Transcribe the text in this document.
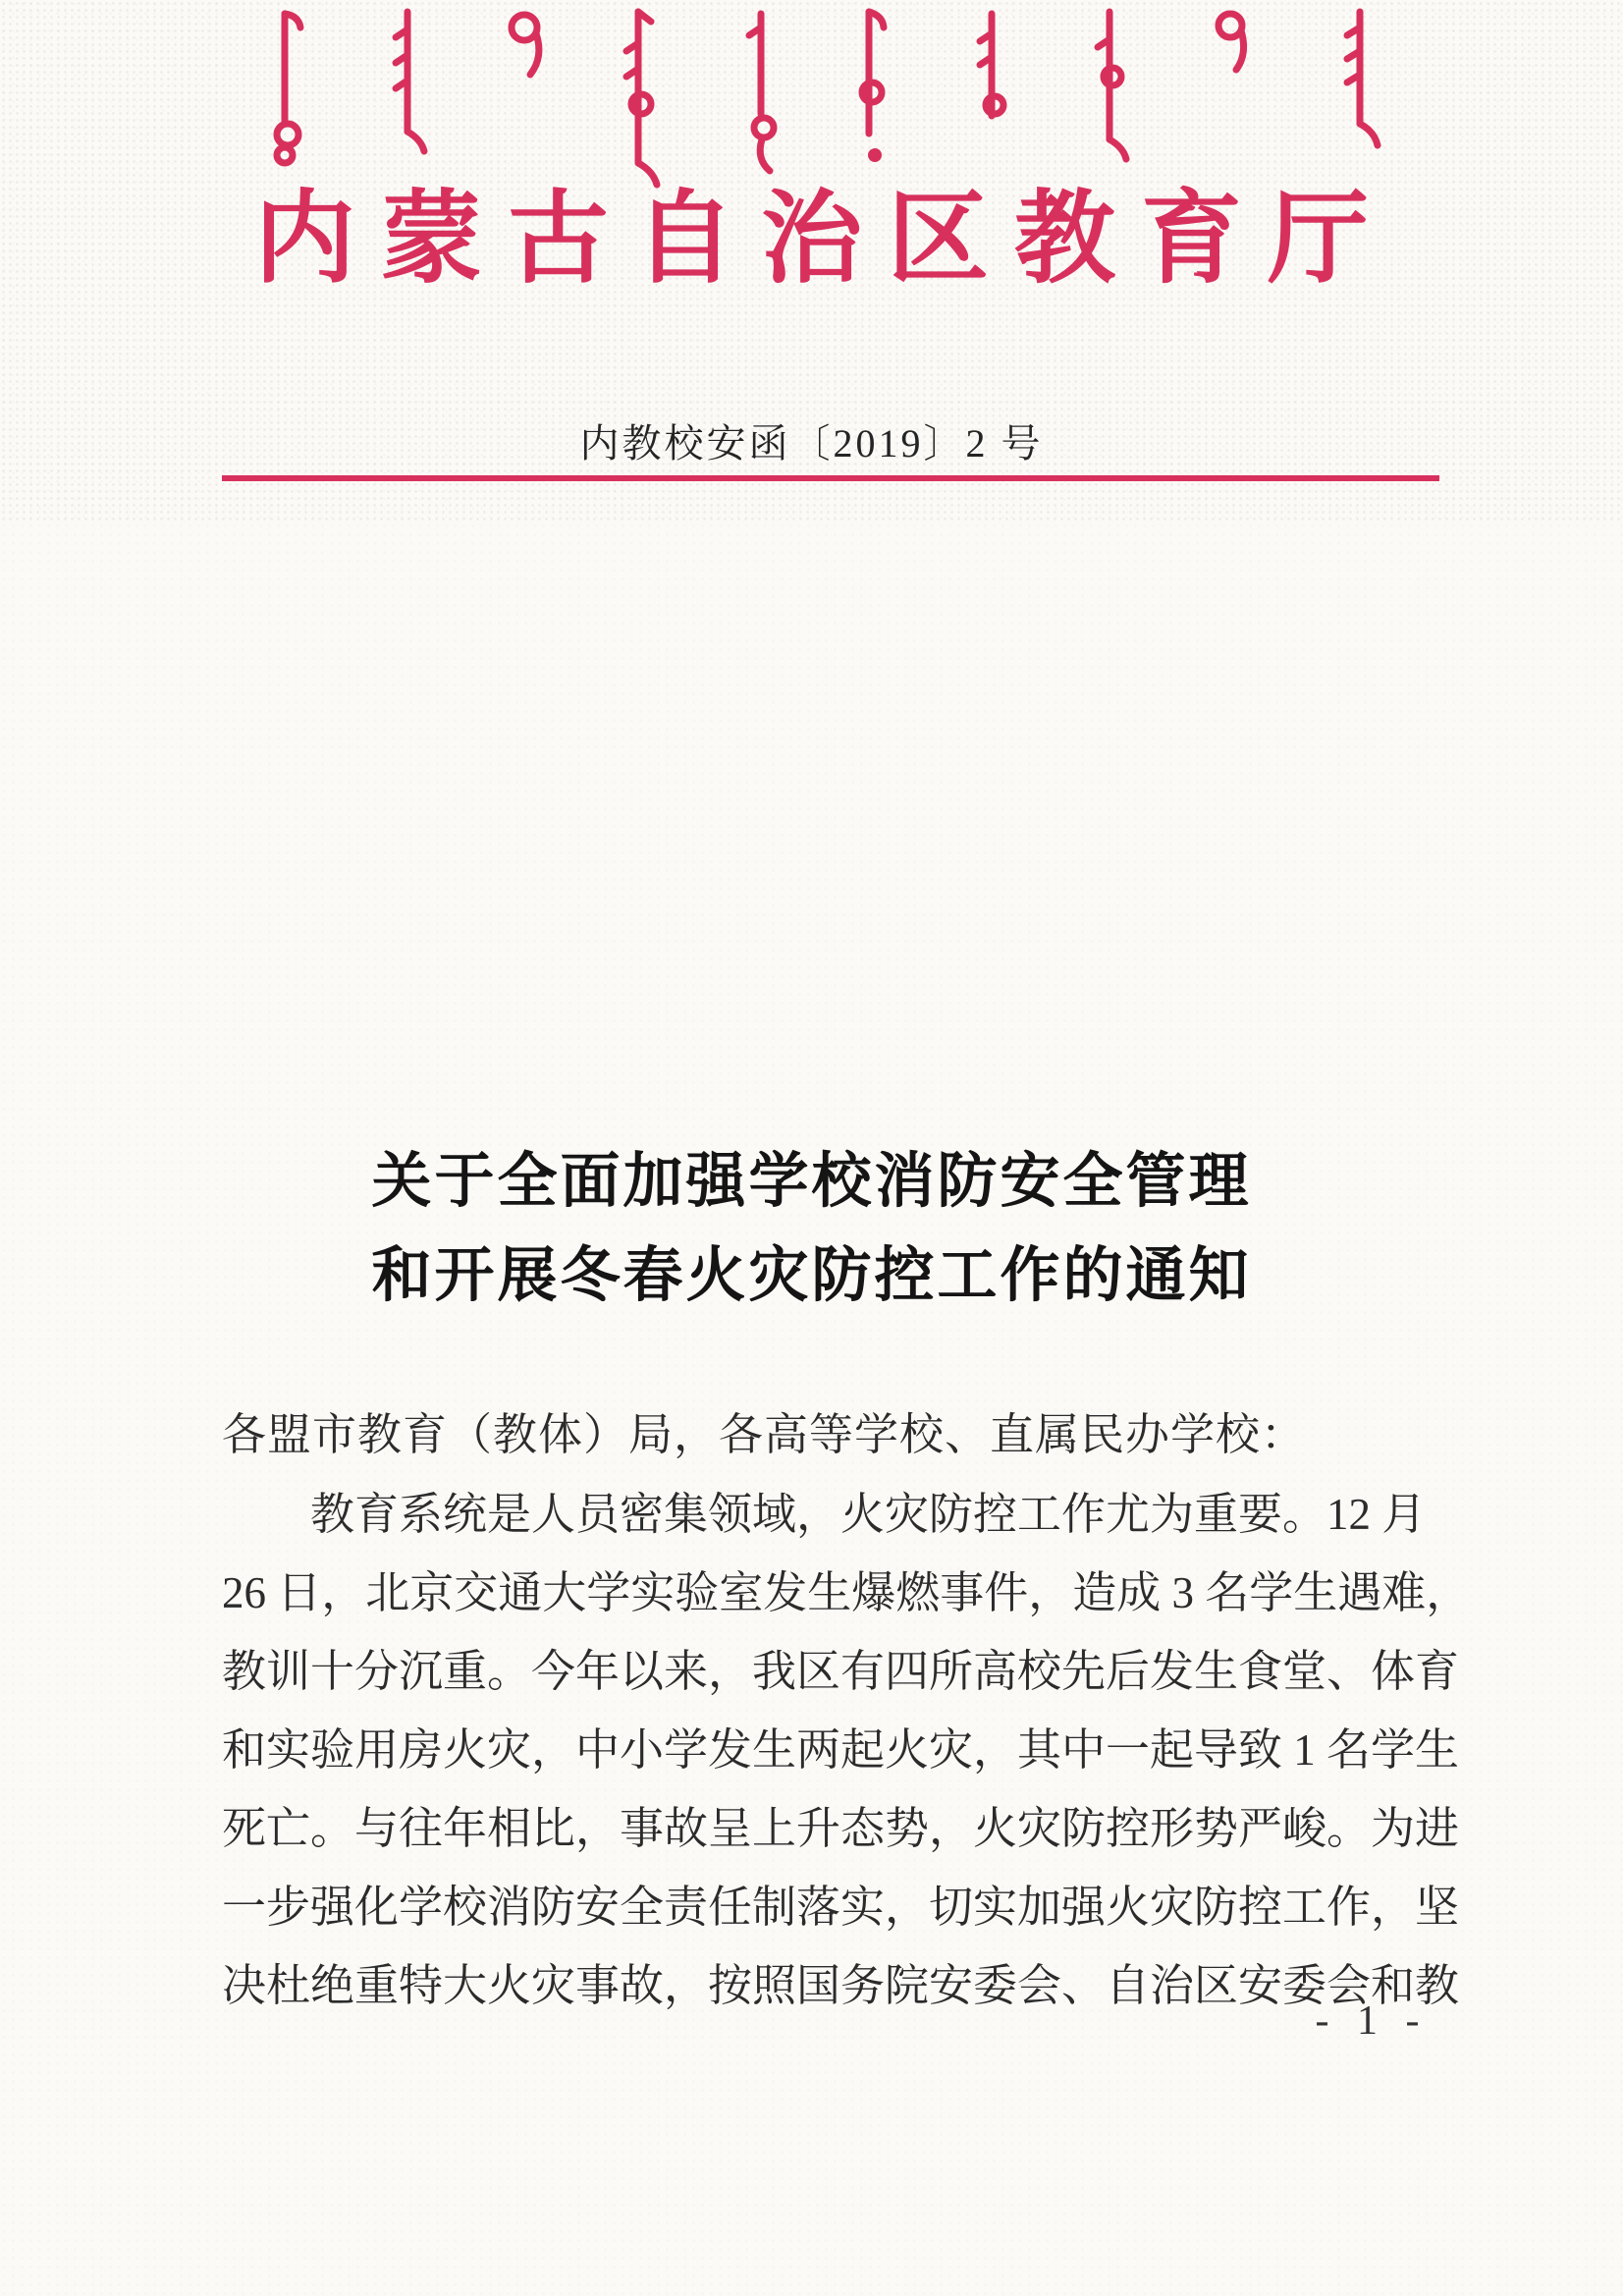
内蒙古自治区教育厅
内教校安函〔2019〕2 号
关于全面加强学校消防安全管理
和开展冬春火灾防控工作的通知
各盟市教育（教体）局，各高等学校、直属民办学校：
教育系统是人员密集领域，火灾防控工作尤为重要。12 月
26 日，北京交通大学实验室发生爆燃事件，造成 3 名学生遇难，
教训十分沉重。今年以来，我区有四所高校先后发生食堂、体育
和实验用房火灾，中小学发生两起火灾，其中一起导致 1 名学生
死亡。与往年相比，事故呈上升态势，火灾防控形势严峻。为进
一步强化学校消防安全责任制落实，切实加强火灾防控工作，坚
决杜绝重特大火灾事故，按照国务院安委会、自治区安委会和教
- 1 -
